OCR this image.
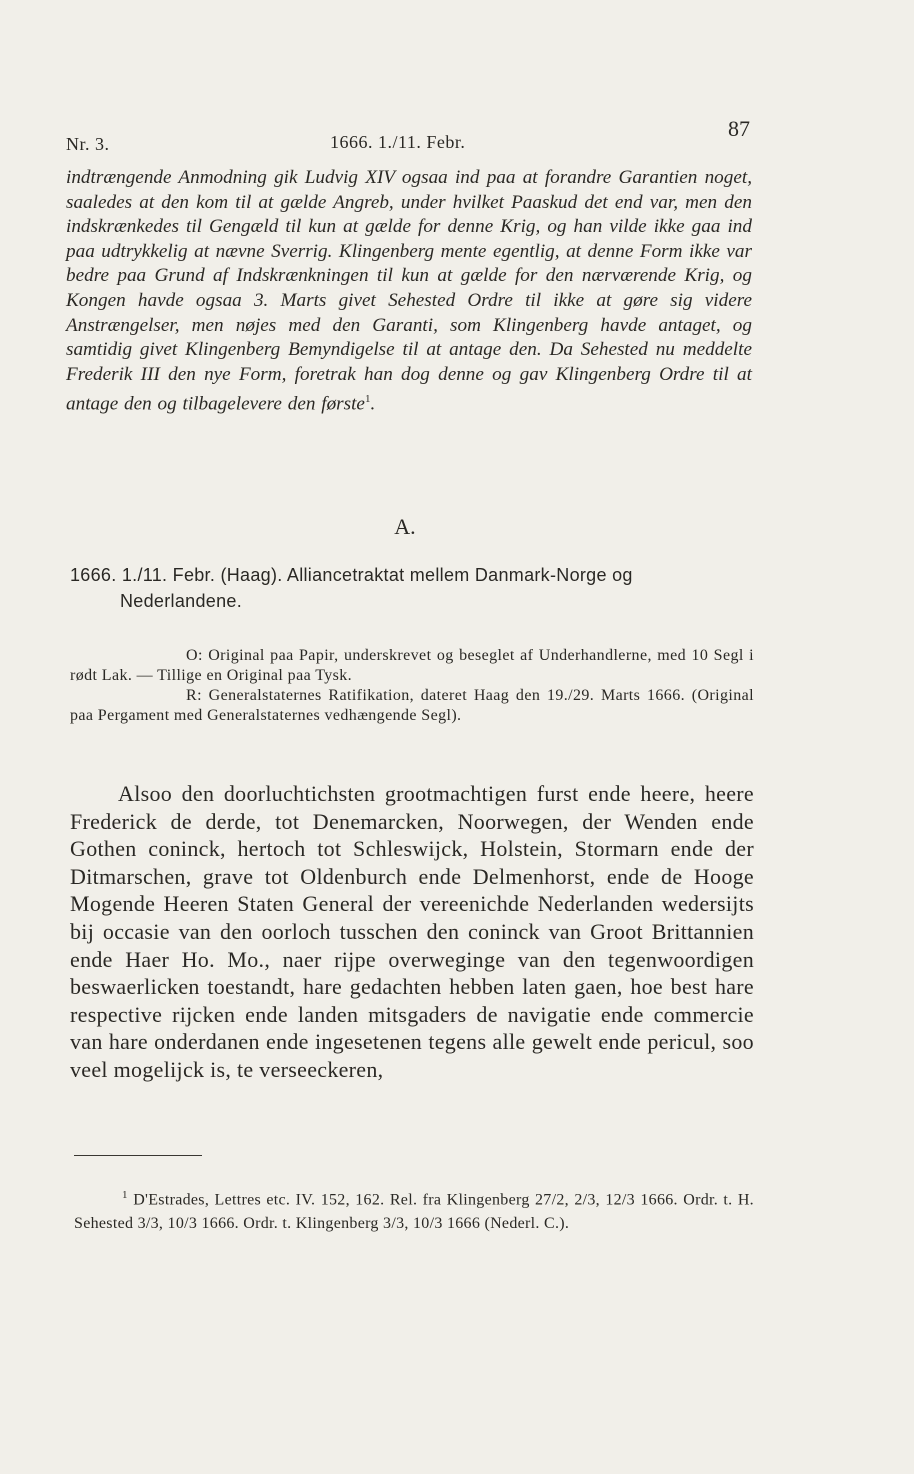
Nr. 3.	1666. 1./11. Febr.
87
indtrængende Anmodning gik Ludvig XIV ogsaa ind paa at forandre Garantien noget, saaledes at den kom til at gælde Angreb, under hvilket Paaskud det end var, men den indskrænkedes til Gengæld til kun at gælde for denne Krig, og han vilde ikke gaa ind paa udtrykkelig at nævne Sverrig. Klingenberg mente egentlig, at denne Form ikke var bedre paa Grund af Indskrænkningen til kun at gælde for den nærværende Krig, og Kongen havde ogsaa 3. Marts givet Sehested Ordre til ikke at gøre sig videre Anstrængelser, men nøjes med den Garanti, som Klingenberg havde antaget, og samtidig givet Klingenberg Bemyndigelse til at antage den. Da Sehested nu meddelte Frederik III den nye Form, foretrak han dog denne og gav Klingenberg Ordre til at antage den og tilbagelevere den første$^1$.
A.
1666. 1./11. Febr. (Haag). Alliancetraktat mellem Danmark-Norge og
Nederlandene.

O: Original paa Papir, underskrevet og beseglet af Underhandlerne, med 10 Segl i rødt Lak. — Tillige en Original paa Tysk.

R: Generalstaternes Ratifikation, dateret Haag den 19./29. Marts 1666. (Original paa Pergament med Generalstaternes vedhængende Segl).

Alsoo den doorluchtichsten grootmachtigen furst ende heere, heere Frederick de derde, tot Denemarcken, Noorwegen, der Wenden ende Gothen coninck, hertoch tot Schleswijck, Holstein, Stormarn ende der Ditmarschen, grave tot Oldenburch ende Delmenhorst, ende de Hooge Mogende Heeren Staten General der vereenichde Nederlanden wedersijts bij occasie van den oorloch tusschen den coninck van Groot Brittannien ende Haer Ho. Mo., naer rijpe overweginge van den tegenwoordigen beswaerlicken toestandt, hare gedachten hebben laten gaen, hoe best hare respective rijcken ende landen mitsgaders de navigatie ende commercie van hare onderdanen ende ingesetenen tegens alle gewelt ende pericul, soo veel mogelijck is, te verseeckeren,
$^1$ D'Estrades, Lettres etc. IV. 152, 162. Rel. fra Klingenberg 27/2, 2/3, 12/3 1666. Ordr. t. H. Sehested 3/3, 10/3 1666. Ordr. t. Klingenberg 3/3, 10/3 1666 (Nederl. C.).
